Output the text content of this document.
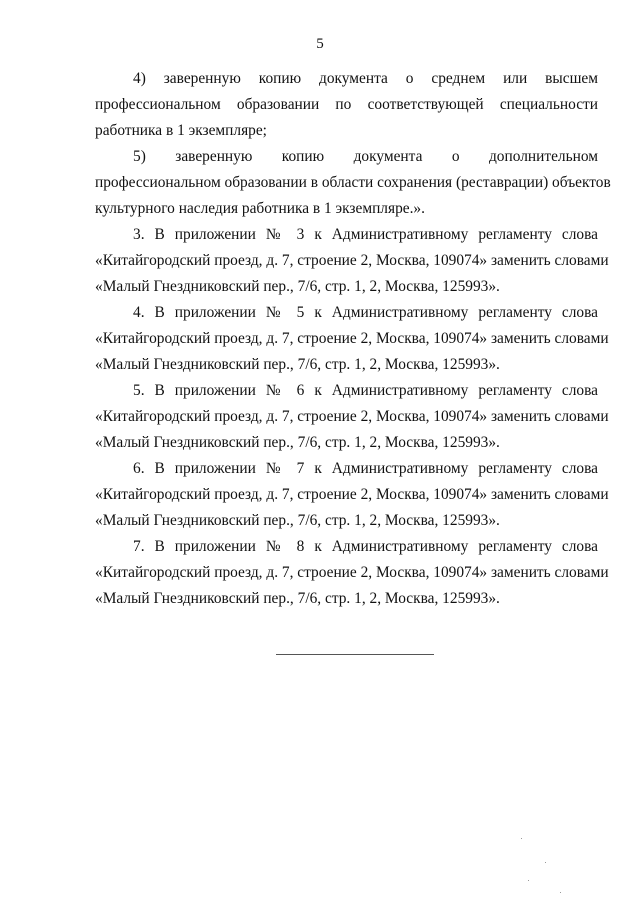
5
4) заверенную копию документа о среднем или высшем
профессиональном образовании по соответствующей специальности
работника в 1 экземпляре;
5) заверенную копию документа о дополнительном
профессиональном образовании в области сохранения (реставрации) объектов
культурного наследия работника в 1 экземпляре.».
3. В приложении № 3 к Административному регламенту слова
«Китайгородский проезд, д. 7, строение 2, Москва, 109074» заменить словами
«Малый Гнездниковский пер., 7/6, стр. 1, 2, Москва, 125993».
4. В приложении № 5 к Административному регламенту слова
«Китайгородский проезд, д. 7, строение 2, Москва, 109074» заменить словами
«Малый Гнездниковский пер., 7/6, стр. 1, 2, Москва, 125993».
5. В приложении № 6 к Административному регламенту слова
«Китайгородский проезд, д. 7, строение 2, Москва, 109074» заменить словами
«Малый Гнездниковский пер., 7/6, стр. 1, 2, Москва, 125993».
6. В приложении № 7 к Административному регламенту слова
«Китайгородский проезд, д. 7, строение 2, Москва, 109074» заменить словами
«Малый Гнездниковский пер., 7/6, стр. 1, 2, Москва, 125993».
7. В приложении № 8 к Административному регламенту слова
«Китайгородский проезд, д. 7, строение 2, Москва, 109074» заменить словами
«Малый Гнездниковский пер., 7/6, стр. 1, 2, Москва, 125993».
